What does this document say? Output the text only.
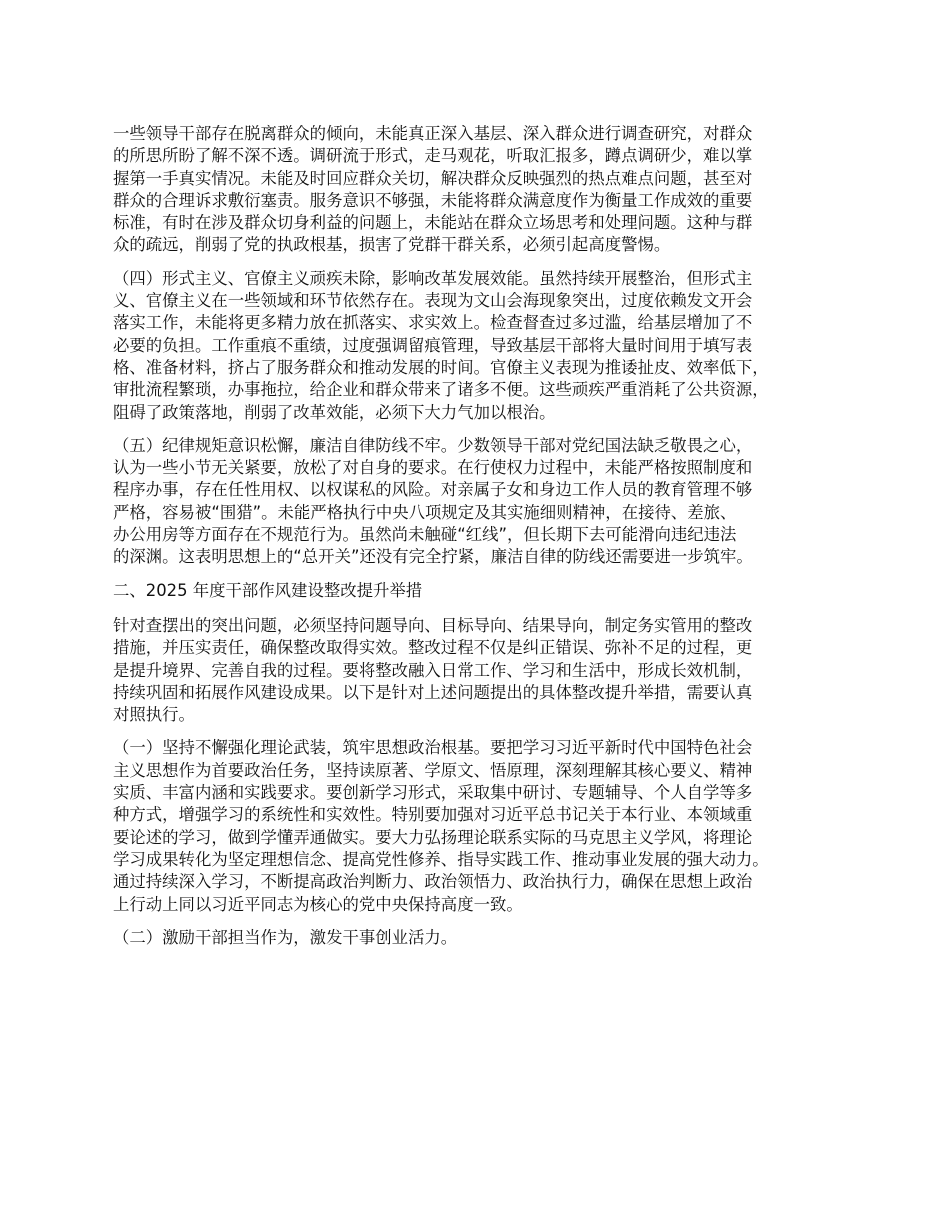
一些领导干部存在脱离群众的倾向，未能真正深入基层、深入群众进行调查研究，对群众
的所思所盼了解不深不透。调研流于形式，走马观花，听取汇报多，蹲点调研少，难以掌
握第一手真实情况。未能及时回应群众关切，解决群众反映强烈的热点难点问题，甚至对
群众的合理诉求敷衍塞责。服务意识不够强，未能将群众满意度作为衡量工作成效的重要
标准，有时在涉及群众切身利益的问题上，未能站在群众立场思考和处理问题。这种与群
众的疏远，削弱了党的执政根基，损害了党群干群关系，必须引起高度警惕。
（四）形式主义、官僚主义顽疾未除，影响改革发展效能。虽然持续开展整治，但形式主
义、官僚主义在一些领域和环节依然存在。表现为文山会海现象突出，过度依赖发文开会
落实工作，未能将更多精力放在抓落实、求实效上。检查督查过多过滥，给基层增加了不
必要的负担。工作重痕不重绩，过度强调留痕管理，导致基层干部将大量时间用于填写表
格、准备材料，挤占了服务群众和推动发展的时间。官僚主义表现为推诿扯皮、效率低下，
审批流程繁琐，办事拖拉，给企业和群众带来了诸多不便。这些顽疾严重消耗了公共资源，
阻碍了政策落地，削弱了改革效能，必须下大力气加以根治。
（五）纪律规矩意识松懈，廉洁自律防线不牢。少数领导干部对党纪国法缺乏敬畏之心，
认为一些小节无关紧要，放松了对自身的要求。在行使权力过程中，未能严格按照制度和
程序办事，存在任性用权、以权谋私的风险。对亲属子女和身边工作人员的教育管理不够
严格，容易被“围猎”。未能严格执行中央八项规定及其实施细则精神，在接待、差旅、
办公用房等方面存在不规范行为。虽然尚未触碰“红线”，但长期下去可能滑向违纪违法
的深渊。这表明思想上的“总开关”还没有完全拧紧，廉洁自律的防线还需要进一步筑牢。
二、2025 年度干部作风建设整改提升举措
针对查摆出的突出问题，必须坚持问题导向、目标导向、结果导向，制定务实管用的整改
措施，并压实责任，确保整改取得实效。整改过程不仅是纠正错误、弥补不足的过程，更
是提升境界、完善自我的过程。要将整改融入日常工作、学习和生活中，形成长效机制，
持续巩固和拓展作风建设成果。以下是针对上述问题提出的具体整改提升举措，需要认真
对照执行。
（一）坚持不懈强化理论武装，筑牢思想政治根基。要把学习习近平新时代中国特色社会
主义思想作为首要政治任务，坚持读原著、学原文、悟原理，深刻理解其核心要义、精神
实质、丰富内涵和实践要求。要创新学习形式，采取集中研讨、专题辅导、个人自学等多
种方式，增强学习的系统性和实效性。特别要加强对习近平总书记关于本行业、本领域重
要论述的学习，做到学懂弄通做实。要大力弘扬理论联系实际的马克思主义学风，将理论
学习成果转化为坚定理想信念、提高党性修养、指导实践工作、推动事业发展的强大动力。
通过持续深入学习，不断提高政治判断力、政治领悟力、政治执行力，确保在思想上政治
上行动上同以习近平同志为核心的党中央保持高度一致。
（二）激励干部担当作为，激发干事创业活力。
